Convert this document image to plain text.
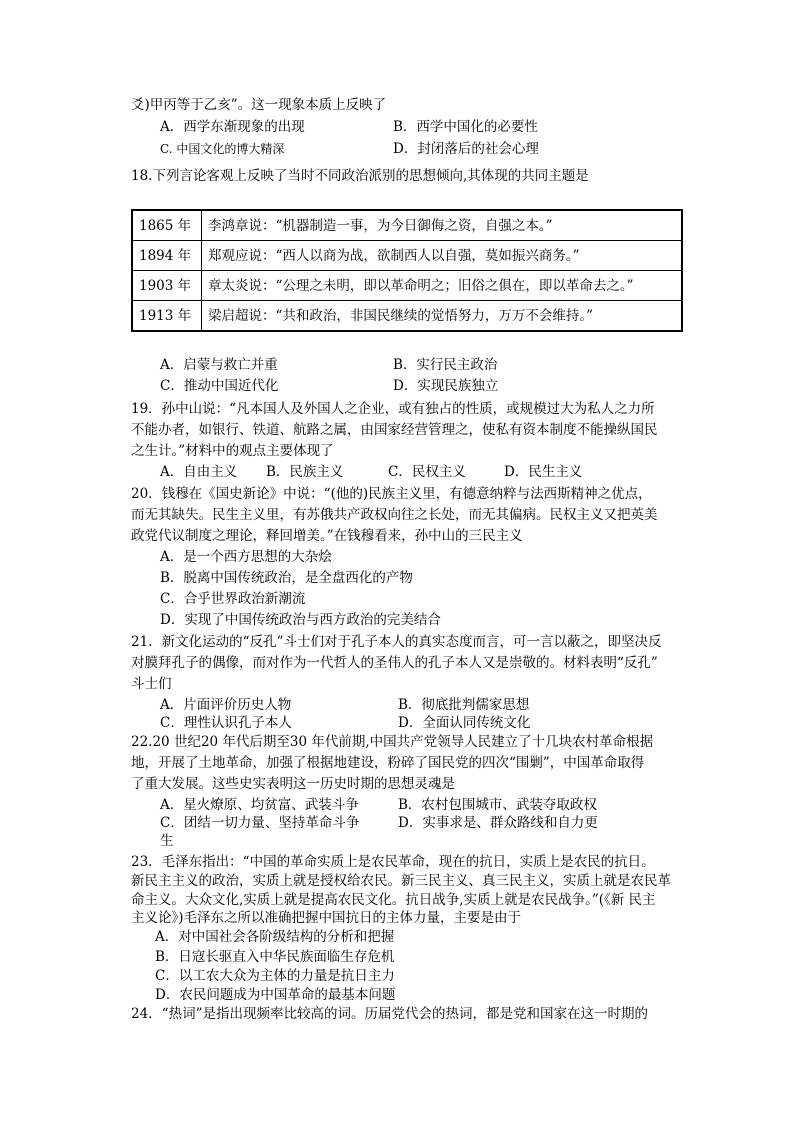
爻)甲丙等于乙亥”。这一现象本质上反映了
A．西学东渐现象的出现	B．西学中国化的必要性
C. 中国文化的博大精深	D．封闭落后的社会心理
18.下列言论客观上反映了当时不同政治派别的思想倾向,其体现的共同主题是
1865 年	李鸿章说：“机器制造一事，为今日御侮之资，自强之本。”
1894 年	郑观应说：“西人以商为战，欲制西人以自强，莫如振兴商务。”
1903 年	章太炎说：“公理之未明，即以革命明之；旧俗之俱在，即以革命去之。”
1913 年	梁启超说：“共和政治，非国民继续的觉悟努力，万万不会维持。”
A．启蒙与救亡并重	B．实行民主政治
C．推动中国近代化	D．实现民族独立
19．孙中山说：“凡本国人及外国人之企业，或有独占的性质，或规模过大为私人之力所
不能办者，如银行、铁道、航路之属，由国家经营管理之，使私有资本制度不能操纵国民
之生计。”材料中的观点主要体现了
A．自由主义 B．民族主义	C．民权主义	D．民生主义
20．钱穆在《国史新论》中说：“(他的)民族主义里，有德意纳粹与法西斯精神之优点，
而无其缺失。民生主义里，有苏俄共产政权向往之长处，而无其偏病。民权主义又把英美
政党代议制度之理论，释回增美。”在钱穆看来，孙中山的三民主义
A．是一个西方思想的大杂烩
B．脱离中国传统政治，是全盘西化的产物
C．合乎世界政治新潮流
D．实现了中国传统政治与西方政治的完美结合
21．新文化运动的“反孔”斗士们对于孔子本人的真实态度而言，可一言以蔽之，即坚决反
对膜拜孔子的偶像，而对作为一代哲人的圣伟人的孔子本人又是崇敬的。材料表明“反孔”
斗士们
A．片面评价历史人物	B．彻底批判儒家思想
C．理性认识孔子本人	D．全面认同传统文化
22.20 世纪20 年代后期至30 年代前期,中国共产党领导人民建立了十几块农村革命根据
地，开展了土地革命，加强了根据地建设，粉碎了国民党的四次“围剿”，中国革命取得
了重大发展。这些史实表明这一历史时期的思想灵魂是
A．星火燎原、均贫富、武装斗争	B．农村包围城市、武装夺取政权
C．团结一切力量、坚持革命斗争	D．实事求是、群众路线和自力更
生
23．毛泽东指出：“中国的革命实质上是农民革命，现在的抗日，实质上是农民的抗日。
新民主主义的政治，实质上就是授权给农民。新三民主义、真三民主义，实质上就是农民革
命主义。大众文化,实质上就是提高农民文化。抗日战争,实质上就是农民战争。”(《新 民主
主义论》)毛泽东之所以准确把握中国抗日的主体力量，主要是由于
A．对中国社会各阶级结构的分析和把握
B．日寇长驱直入中华民族面临生存危机
C．以工农大众为主体的力量是抗日主力
D．农民问题成为中国革命的最基本问题
24．“热词”是指出现频率比较高的词。历届党代会的热词，都是党和国家在这一时期的
